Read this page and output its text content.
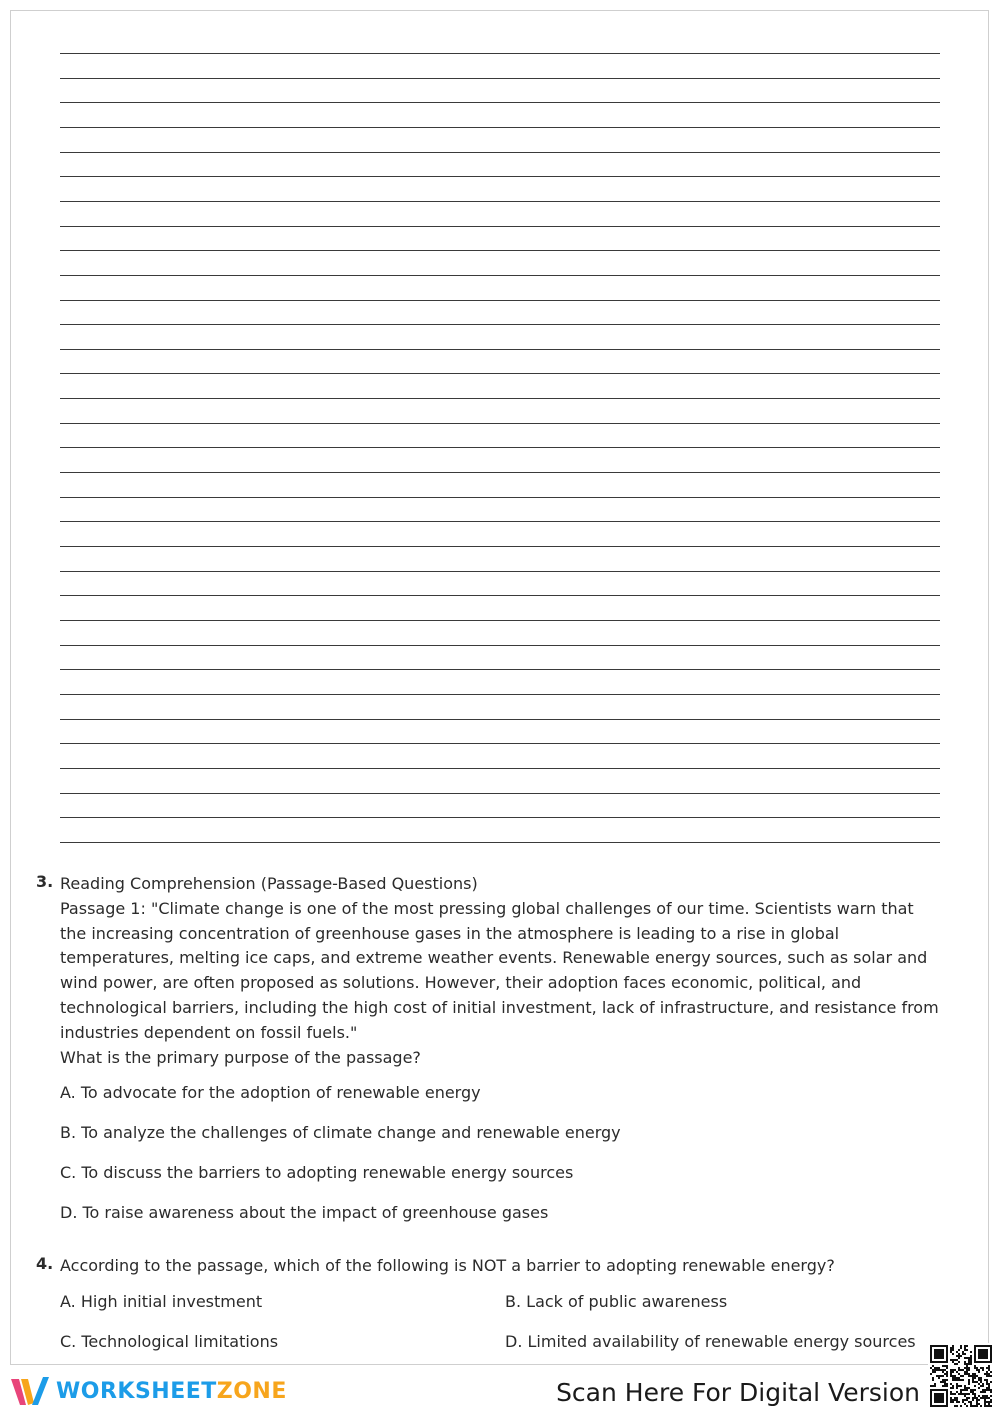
3. Reading Comprehension (Passage-Based Questions)

Passage 1: "Climate change is one of the most pressing global challenges of our time. Scientists warn that the increasing concentration of greenhouse gases in the atmosphere is leading to a rise in global temperatures, melting ice caps, and extreme weather events. Renewable energy sources, such as solar and wind power, are often proposed as solutions. However, their adoption faces economic, political, and technological barriers, including the high cost of initial investment, lack of infrastructure, and resistance from industries dependent on fossil fuels."

What is the primary purpose of the passage?

A. To advocate for the adoption of renewable energy
B. To analyze the challenges of climate change and renewable energy
C. To discuss the barriers to adopting renewable energy sources
D. To raise awareness about the impact of greenhouse gases
4. According to the passage, which of the following is NOT a barrier to adopting renewable energy?

A. High initial investment	B. Lack of public awareness
C. Technological limitations	D. Limited availability of renewable energy sources
WORKSHEETZONE	Scan Here For Digital Version
